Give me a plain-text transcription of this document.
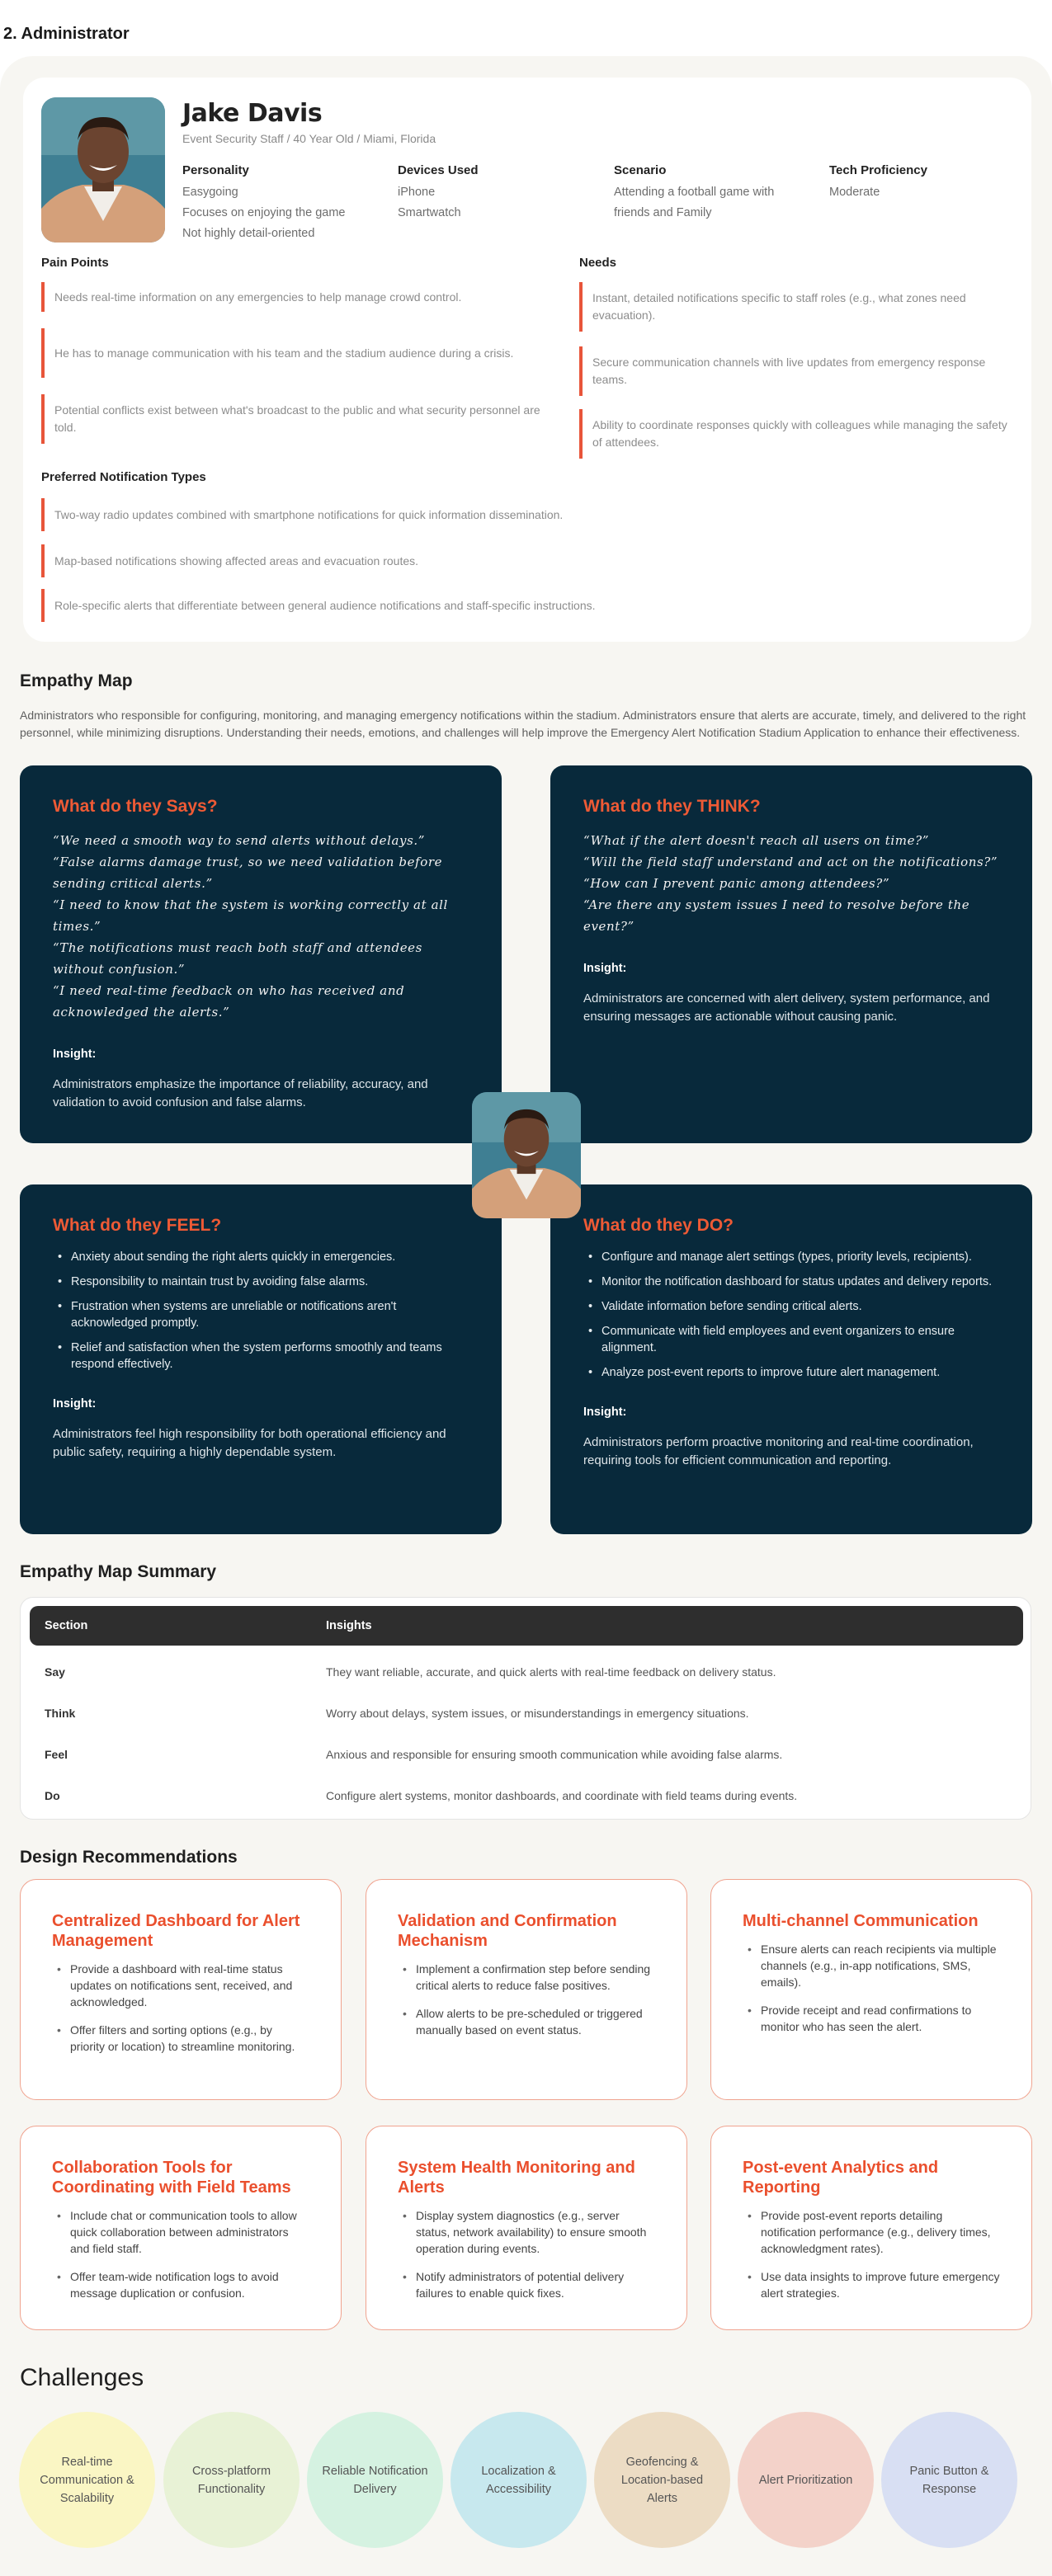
2. Administrator
Jake Davis
Event Security Staff / 40 Year Old / Miami, Florida
Personality
Easygoing
Focuses on enjoying the game
Not highly detail-oriented
Devices Used
iPhone
Smartwatch
Scenario
Attending a football game with friends and Family
Tech Proficiency
Moderate
Pain Points
Needs real-time information on any emergencies to help manage crowd control.
He has to manage communication with his team and the stadium audience during a crisis.
Potential conflicts exist between what's broadcast to the public and what security personnel are told.
Needs
Instant, detailed notifications specific to staff roles (e.g., what zones need evacuation).
Secure communication channels with live updates from emergency response teams.
Ability to coordinate responses quickly with colleagues while managing the safety of attendees.
Preferred Notification Types
Two-way radio updates combined with smartphone notifications for quick information dissemination.
Map-based notifications showing affected areas and evacuation routes.
Role-specific alerts that differentiate between general audience notifications and staff-specific instructions.
Empathy Map
Administrators who responsible for configuring, monitoring, and managing emergency notifications within the stadium. Administrators ensure that alerts are accurate, timely, and delivered to the right personnel, while minimizing disruptions. Understanding their needs, emotions, and challenges will help improve the Emergency Alert Notification Stadium Application to enhance their effectiveness.
What do they Says?
“We need a smooth way to send alerts without delays.”
“False alarms damage trust, so we need validation before sending critical alerts.”
“I need to know that the system is working correctly at all times.”
“The notifications must reach both staff and attendees without confusion.”
“I need real-time feedback on who has received and acknowledged the alerts.”
Insight:
Administrators emphasize the importance of reliability, accuracy, and validation to avoid confusion and false alarms.
What do they THINK?
“What if the alert doesn't reach all users on time?”
“Will the field staff understand and act on the notifications?”
“How can I prevent panic among attendees?”
“Are there any system issues I need to resolve before the event?”
Insight:
Administrators are concerned with alert delivery, system performance, and ensuring messages are actionable without causing panic.
What do they FEEL?
• Anxiety about sending the right alerts quickly in emergencies.
• Responsibility to maintain trust by avoiding false alarms.
• Frustration when systems are unreliable or notifications aren't acknowledged promptly.
• Relief and satisfaction when the system performs smoothly and teams respond effectively.
Insight:
Administrators feel high responsibility for both operational efficiency and public safety, requiring a highly dependable system.
What do they DO?
• Configure and manage alert settings (types, priority levels, recipients).
• Monitor the notification dashboard for status updates and delivery reports.
• Validate information before sending critical alerts.
• Communicate with field employees and event organizers to ensure alignment.
• Analyze post-event reports to improve future alert management.
Insight:
Administrators perform proactive monitoring and real-time coordination, requiring tools for efficient communication and reporting.
Empathy Map Summary
Section	Insights
Say	They want reliable, accurate, and quick alerts with real-time feedback on delivery status.
Think	Worry about delays, system issues, or misunderstandings in emergency situations.
Feel	Anxious and responsible for ensuring smooth communication while avoiding false alarms.
Do	Configure alert systems, monitor dashboards, and coordinate with field teams during events.
Design Recommendations
Centralized Dashboard for Alert Management
• Provide a dashboard with real-time status updates on notifications sent, received, and acknowledged.
• Offer filters and sorting options (e.g., by priority or location) to streamline monitoring.
Validation and Confirmation Mechanism
• Implement a confirmation step before sending critical alerts to reduce false positives.
• Allow alerts to be pre-scheduled or triggered manually based on event status.
Multi-channel Communication
• Ensure alerts can reach recipients via multiple channels (e.g., in-app notifications, SMS, emails).
• Provide receipt and read confirmations to monitor who has seen the alert.
Collaboration Tools for Coordinating with Field Teams
• Include chat or communication tools to allow quick collaboration between administrators and field staff.
• Offer team-wide notification logs to avoid message duplication or confusion.
System Health Monitoring and Alerts
• Display system diagnostics (e.g., server status, network availability) to ensure smooth operation during events.
• Notify administrators of potential delivery failures to enable quick fixes.
Post-event Analytics and Reporting
• Provide post-event reports detailing notification performance (e.g., delivery times, acknowledgment rates).
• Use data insights to improve future emergency alert strategies.
Challenges
Real-time Communication & Scalability
Cross-platform Functionality
Reliable Notification Delivery
Localization & Accessibility
Geofencing & Location-based Alerts
Alert Prioritization
Panic Button & Response
